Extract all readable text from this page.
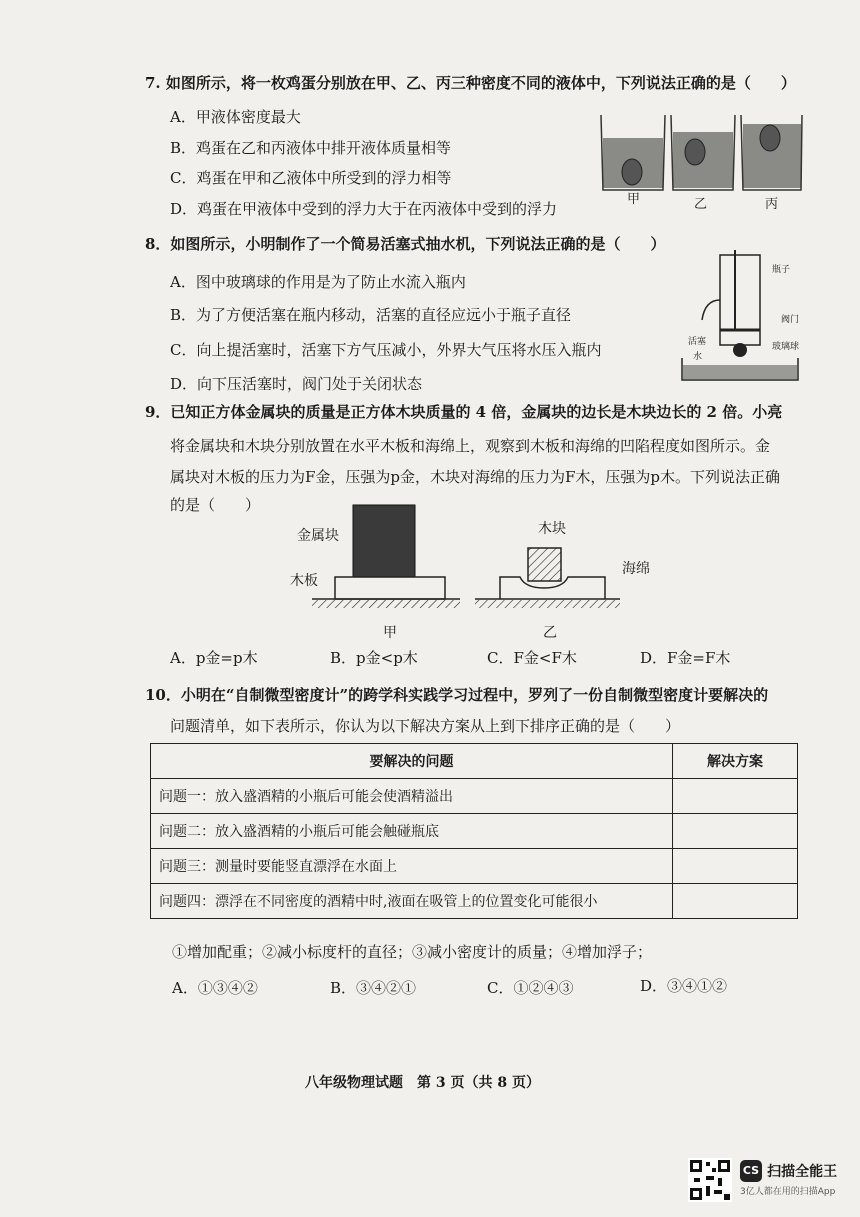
7. 如图所示，将一枚鸡蛋分别放在甲、乙、丙三种密度不同的液体中，下列说法正确的是（　　）
A．甲液体密度最大
B．鸡蛋在乙和丙液体中排开液体质量相等
C．鸡蛋在甲和乙液体中所受到的浮力相等
D．鸡蛋在甲液体中受到的浮力大于在丙液体中受到的浮力
甲	乙	丙
8．如图所示，小明制作了一个简易活塞式抽水机，下列说法正确的是（　　）
A．图中玻璃球的作用是为了防止水流入瓶内
B．为了方便活塞在瓶内移动，活塞的直径应远小于瓶子直径
C．向上提活塞时，活塞下方气压减小，外界大气压将水压入瓶内
D．向下压活塞时，阀门处于关闭状态
瓶子
阀门
活塞
水
玻璃球
9．已知正方体金属块的质量是正方体木块质量的 4 倍，金属块的边长是木块边长的 2 倍。小亮
将金属块和木块分别放置在水平木板和海绵上，观察到木板和海绵的凹陷程度如图所示。金
属块对木板的压力为F金，压强为p金，木块对海绵的压力为F木，压强为p木。下列说法正确
的是（　　）
金属块
木板
木块
海绵
甲	乙
A．p金=p木	B．p金<p木	C．F金<F木	D．F金=F木
10．小明在“自制微型密度计”的跨学科实践学习过程中，罗列了一份自制微型密度计要解决的
问题清单，如下表所示，你认为以下解决方案从上到下排序正确的是（　　）
要解决的问题	解决方案
问题一：放入盛酒精的小瓶后可能会使酒精溢出	
问题二：放入盛酒精的小瓶后可能会触碰瓶底	
问题三：测量时要能竖直漂浮在水面上	
问题四：漂浮在不同密度的酒精中时,液面在吸管上的位置变化可能很小	
①增加配重；②减小标度杆的直径；③减小密度计的质量；④增加浮子；
A．①③④②	B．③④②①	C．①②④③	D．③④①②
八年级物理试题　第 3 页（共 8 页）
CS 扫描全能王
3亿人都在用的扫描App
